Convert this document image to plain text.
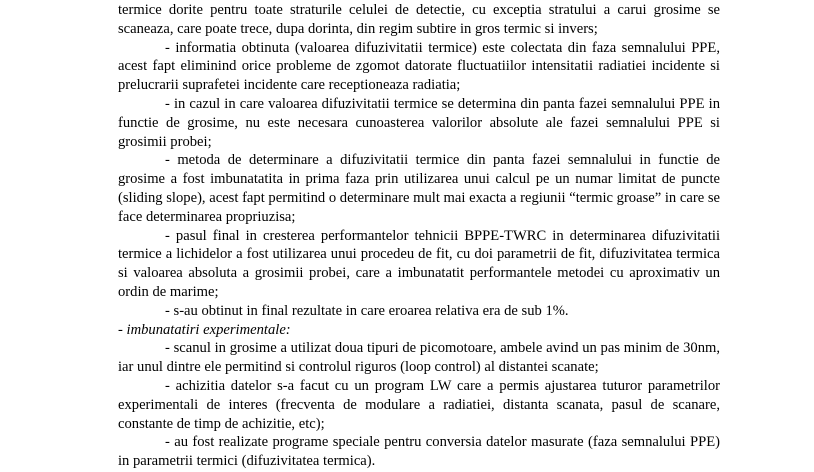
termice dorite pentru toate straturile celulei de detectie, cu exceptia stratului a carui grosime se scaneaza, care poate trece, dupa dorinta, din regim subtire in gros termic si invers;

- informatia obtinuta (valoarea difuzivitatii termice) este colectata din faza semnalului PPE, acest fapt eliminind orice probleme de zgomot datorate fluctuatiilor intensitatii radiatiei incidente si prelucrarii suprafetei incidente care receptioneaza radiatia;

- in cazul in care valoarea difuzivitatii termice se determina din panta fazei semnalului PPE in functie de grosime, nu este necesara cunoasterea valorilor absolute ale fazei semnalului PPE si grosimii probei;

- metoda de determinare a difuzivitatii termice din panta fazei semnalului in functie de grosime a fost imbunatatita in prima faza prin utilizarea unui calcul pe un numar limitat de puncte (sliding slope), acest fapt permitind o determinare mult mai exacta a regiunii “termic groase” in care se face determinarea propriuzisa;

- pasul final in cresterea performantelor tehnicii BPPE-TWRC in determinarea difuzivitatii termice a lichidelor a fost utilizarea unui procedeu de fit, cu doi parametrii de fit, difuzivitatea termica si valoarea absoluta a grosimii probei, care a imbunatatit performantele metodei cu aproximativ un ordin de marime;

- s-au obtinut in final rezultate in care eroarea relativa era de sub 1%.

- imbunatatiri experimentale:

- scanul in grosime a utilizat doua tipuri de picomotoare, ambele avind un pas minim de 30nm, iar unul dintre ele permitind si controlul riguros (loop control) al distantei scanate;

- achizitia datelor s-a facut cu un program LW care a permis ajustarea tuturor parametrilor experimentali de interes (frecventa de modulare a radiatiei, distanta scanata, pasul de scanare, constante de timp de achizitie, etc);

- au fost realizate programe speciale pentru conversia datelor masurate (faza semnalului PPE) in parametrii termici (difuzivitatea termica).
